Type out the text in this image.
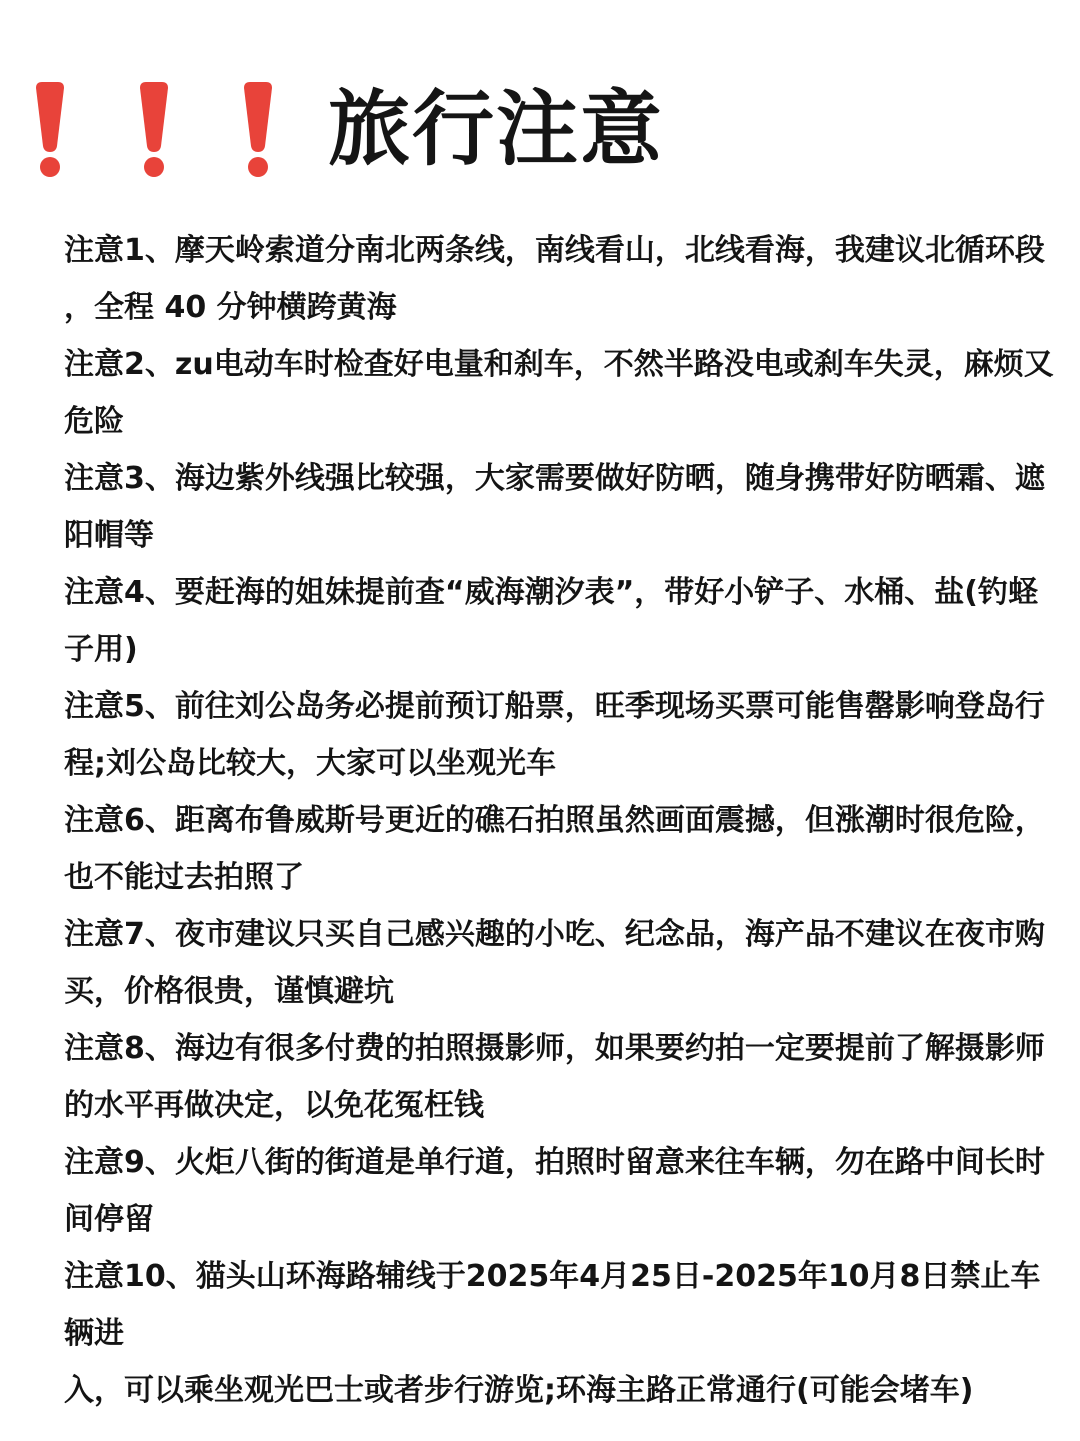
旅行注意
注意1、摩天岭索道分南北两条线，南线看山，北线看海，我建议北循环段
，全程 40 分钟横跨黄海
注意2、zu电动车时检查好电量和刹车，不然半路没电或刹车失灵，麻烦又
危险
注意3、海边紫外线强比较强，大家需要做好防晒，随身携带好防晒霜、遮
阳帽等
注意4、要赶海的姐妹提前查“威海潮汐表”，带好小铲子、水桶、盐(钓蛏
子用)
注意5、前往刘公岛务必提前预订船票，旺季现场买票可能售罄影响登岛行
程;刘公岛比较大，大家可以坐观光车
注意6、距离布鲁威斯号更近的礁石拍照虽然画面震撼，但涨潮时很危险，
也不能过去拍照了
注意7、夜市建议只买自己感兴趣的小吃、纪念品，海产品不建议在夜市购
买，价格很贵，谨慎避坑
注意8、海边有很多付费的拍照摄影师，如果要约拍一定要提前了解摄影师
的水平再做决定，以免花冤枉钱
注意9、火炬八街的街道是单行道，拍照时留意来往车辆，勿在路中间长时
间停留
注意10、猫头山环海路辅线于2025年4月25日-2025年10月8日禁止车辆进
入，可以乘坐观光巴士或者步行游览;环海主路正常通行(可能会堵车)
